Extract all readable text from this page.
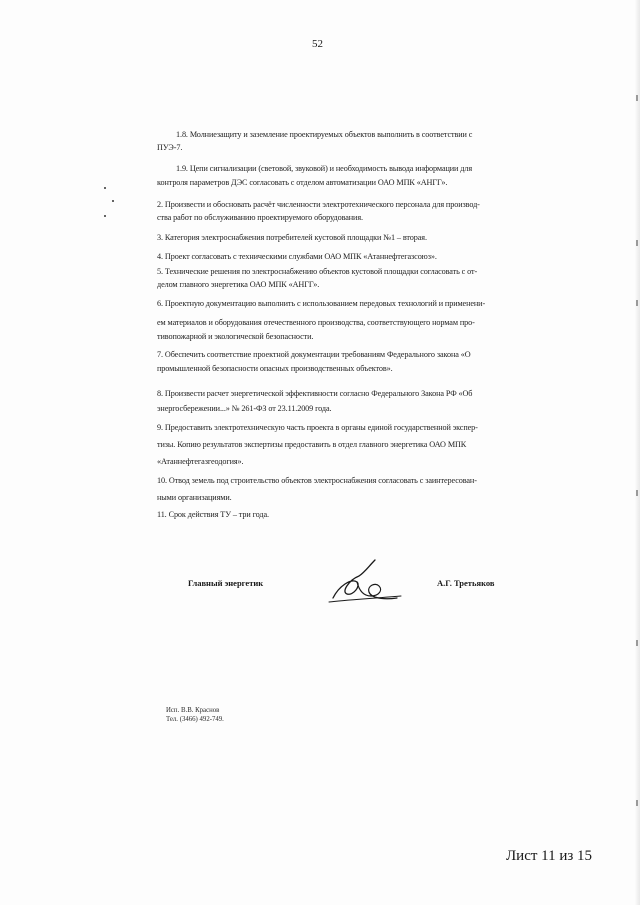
52
1.8. Молниезащиту и заземление проектируемых объектов выполнить в соответствии с
ПУЭ-7.
1.9. Цепи сигнализации (световой, звуковой) и необходимость вывода информации для
контроля параметров ДЭС согласовать с отделом автоматизации ОАО МПК «АНГГ».
2. Произвести и обосновать расчёт численности электротехнического персонала для производ-
ства работ по обслуживанию проектируемого оборудования.
3. Категория электроснабжения потребителей кустовой площадки №1 – вторая.
4. Проект согласовать с техническими службами ОАО МПК «Атаннефтегазсоюз».
5. Технические решения по электроснабжению объектов кустовой площадки согласовать с от-
делом главного энергетика ОАО МПК «АНГГ».
6. Проектную документацию выполнить с использованием передовых технологий и применени-
ем материалов и оборудования отечественного производства, соответствующего нормам про-
тивопожарной и экологической безопасности.
7. Обеспечить соответствие проектной документации требованиям Федерального закона «О
промышленной безопасности опасных производственных объектов».
8. Произвести расчет энергетической эффективности согласно Федерального Закона РФ «Об
энергосбережении...» № 261-ФЗ от 23.11.2009 года.
9. Предоставить электротехническую часть проекта в органы единой государственной экспер-
тизы. Копию результатов экспертизы предоставить в отдел главного энергетика ОАО МПК
«Атаннефтегазгеодогия».
10. Отвод земель под строительство объектов электроснабжения согласовать с заинтересован-
ными организациями.
11. Срок действия ТУ – три года.
Главный энергетик	А.Г. Третьяков
Исп. В.В. Краснов
Тел. (3466) 492-749.
Лист 11 из 15
